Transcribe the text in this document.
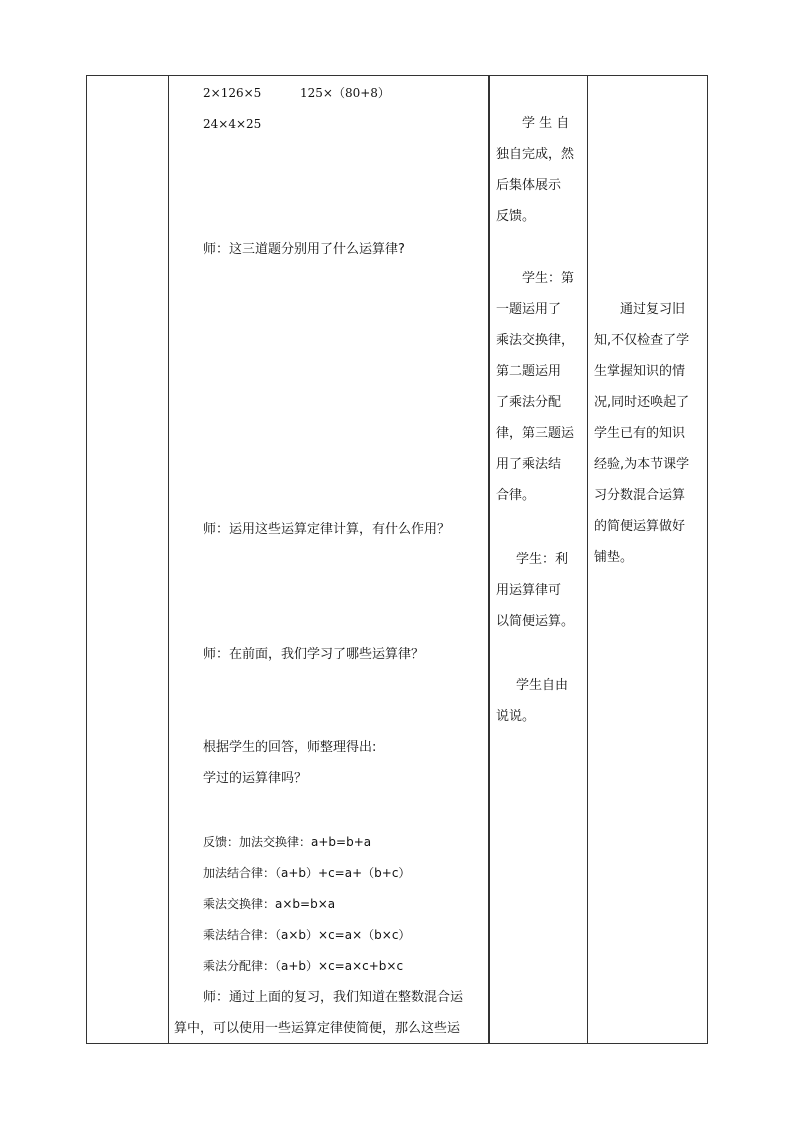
2×126×5	125×（80+8）
24×4×25
师：这三道题分别用了什么运算律?
师：运用这些运算定律计算，有什么作用？
师：在前面，我们学习了哪些运算律？
根据学生的回答，师整理得出:
学过的运算律吗？
反馈：加法交换律：a+b=b+a
加法结合律：（a+b）+c=a+（b+c）
乘法交换律：a×b=b×a
乘法结合律：（a×b）×c=a×（b×c）
乘法分配律：（a+b）×c=a×c+b×c
师：通过上面的复习，我们知道在整数混合运
算中，可以使用一些运算定律使简便，那么这些运
学 生 自
独自完成，然
后集体展示
反馈。
学生：第
一题运用了
乘法交换律，
第二题运用
了乘法分配
律，第三题运
用了乘法结
合律。
学生：利
用运算律可
以简便运算。
学生自由
说说。
通过复习旧
知,不仅检查了学
生掌握知识的情
况,同时还唤起了
学生已有的知识
经验,为本节课学
习分数混合运算
的简便运算做好
铺垫。
